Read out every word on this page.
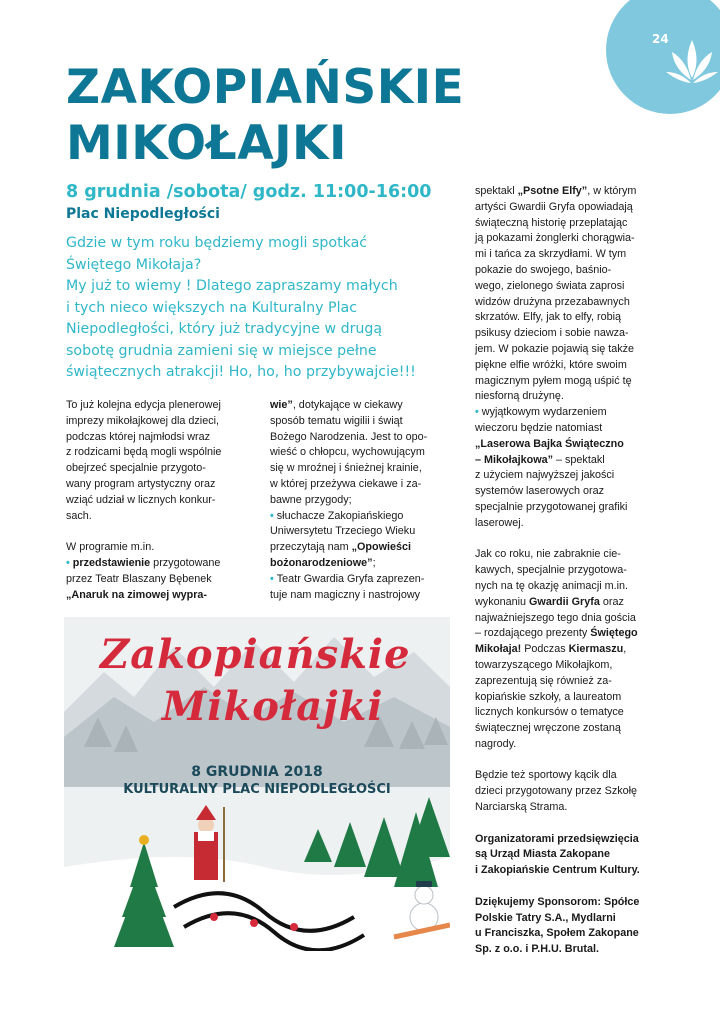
24
ZAKOPIAŃSKIE
MIKOŁAJKI
8 grudnia /sobota/ godz. 11:00-16:00
Plac Niepodległości
Gdzie w tym roku będziemy mogli spotkać
Świętego Mikołaja?
My już to wiemy ! Dlatego zapraszamy małych
i tych nieco większych na Kulturalny Plac
Niepodległości, który już tradycyjne w drugą
sobotę grudnia zamieni się w miejsce pełne
świątecznych atrakcji! Ho, ho, ho przybywajcie!!!
To już kolejna edycja plenerowej
imprezy mikołajkowej dla dzieci,
podczas której najmłodsi wraz
z rodzicami będą mogli wspólnie
obejrzeć specjalnie przygoto-
wany program artystyczny oraz
wziąć udział w licznych konkur-
sach.
W programie m.in.
• przedstawienie przygotowane
przez Teatr Blaszany Bębenek
„Anaruk na zimowej wypra-
wie”, dotykające w ciekawy
sposób tematu wigilii i świąt
Bożego Narodzenia. Jest to opo-
wieść o chłopcu, wychowującym
się w mroźnej i śnieżnej krainie,
w której przeżywa ciekawe i za-
bawne przygody;
• słuchacze Zakopiańskiego
Uniwersytetu Trzeciego Wieku
przeczytają nam „Opowieści
bożonarodzeniowe”;
• Teatr Gwardia Gryfa zaprezen-
tuje nam magiczny i nastrojowy
spektakl „Psotne Elfy”, w którym
artyści Gwardii Gryfa opowiadają
świąteczną historię przeplatając
ją pokazami żonglerki chorągwia-
mi i tańca za skrzydłami. W tym
pokazie do swojego, baśnio-
wego, zielonego świata zaprosi
widzów drużyna przezabawnych
skrzatów. Elfy, jak to elfy, robią
psikusy dzieciom i sobie nawza-
jem. W pokazie pojawią się także
piękne elfie wróżki, które swoim
magicznym pyłem mogą uśpić tę
niesforną drużynę.
• wyjątkowym wydarzeniem
wieczoru będzie natomiast
„Laserowa Bajka Świąteczno
– Mikołajkowa” – spektakl
z użyciem najwyższej jakości
systemów laserowych oraz
specjalnie przygotowanej grafiki
laserowej.
Jak co roku, nie zabraknie cie-
kawych, specjalnie przygotowa-
nych na tę okazję animacji m.in.
wykonaniu Gwardii Gryfa oraz
najważniejszego tego dnia gościa
– rozdającego prezenty Świętego
Mikołaja! Podczas Kiermaszu,
towarzyszącego Mikołajkom,
zaprezentują się również za-
kopiańskie szkoły, a laureatom
licznych konkursów o tematyce
świątecznej wręczone zostaną
nagrody.
Będzie też sportowy kącik dla
dzieci przygotowany przez Szkołę
Narciarską Strama.
Organizatorami przedsięwzięcia
są Urząd Miasta Zakopane
i Zakopiańskie Centrum Kultury.
Dziękujemy Sponsorom: Spółce
Polskie Tatry S.A., Mydlarni
u Franciszka, Społem Zakopane
Sp. z o.o. i P.H.U. Brutal.
Zakopiańskie
Mikołajki
8 GRUDNIA 2018
KULTURALNY PLAC NIEPODLEGŁOŚCI
